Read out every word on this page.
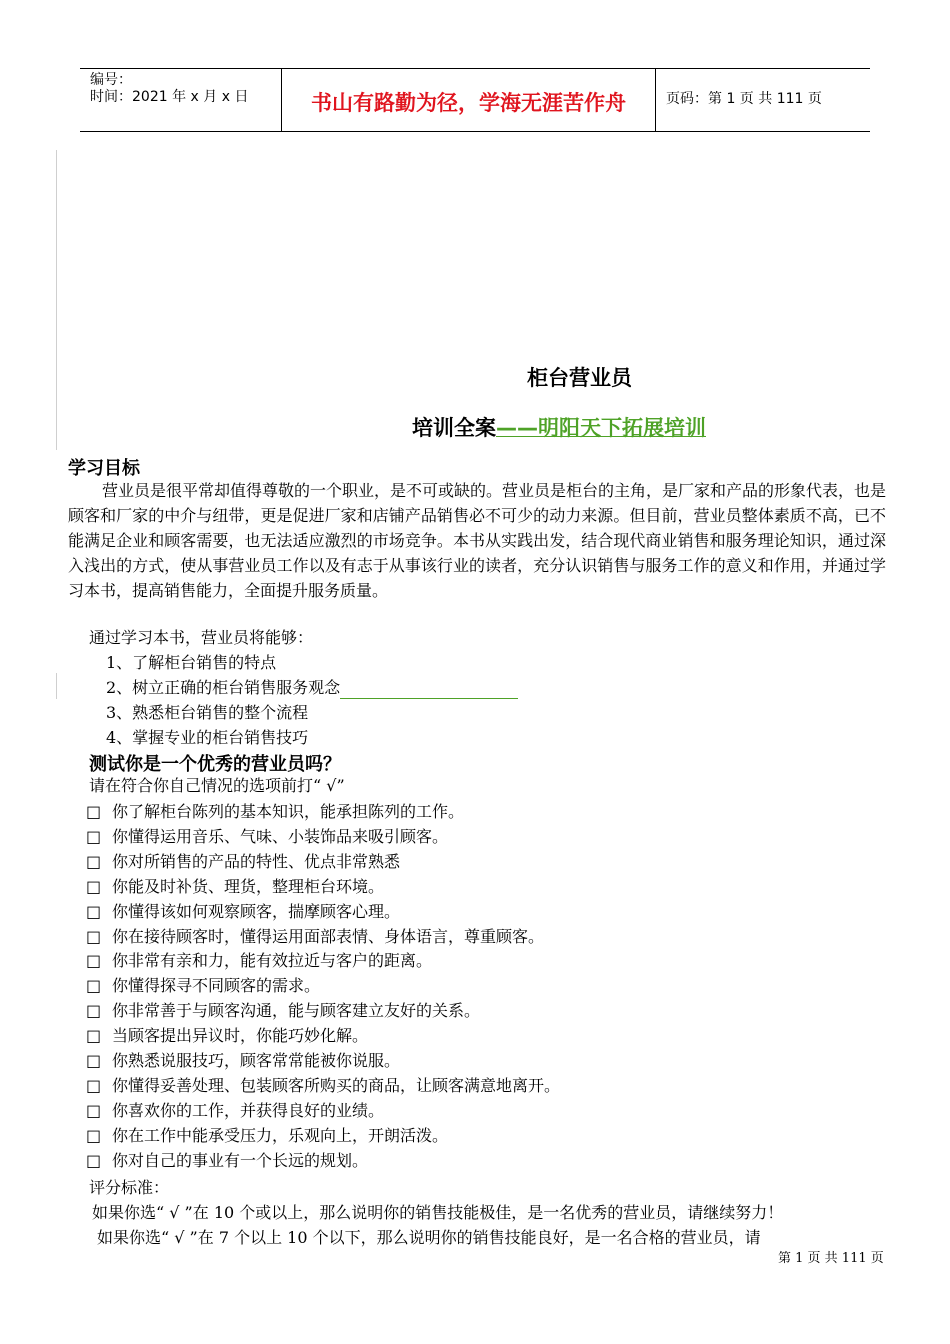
编号：
时间：2021 年 x 月 x 日	书山有路勤为径，学海无涯苦作舟	页码：第 1 页 共 111 页
柜台营业员
培训全案——明阳天下拓展培训
学习目标
营业员是很平常却值得尊敬的一个职业，是不可或缺的。营业员是柜台的主角，是厂家和产品的形象代表，也是顾客和厂家的中介与纽带，更是促进厂家和店铺产品销售必不可少的动力来源。但目前，营业员整体素质不高，已不能满足企业和顾客需要，也无法适应激烈的市场竞争。本书从实践出发，结合现代商业销售和服务理论知识，通过深入浅出的方式，使从事营业员工作以及有志于从事该行业的读者，充分认识销售与服务工作的意义和作用，并通过学习本书，提高销售能力，全面提升服务质量。
通过学习本书，营业员将能够：
1、了解柜台销售的特点
2、树立正确的柜台销售服务观念
3、熟悉柜台销售的整个流程
4、掌握专业的柜台销售技巧
测试你是一个优秀的营业员吗？
请在符合你自己情况的选项前打“ √”
□ 你了解柜台陈列的基本知识，能承担陈列的工作。
□ 你懂得运用音乐、气味、小装饰品来吸引顾客。
□ 你对所销售的产品的特性、优点非常熟悉
□ 你能及时补货、理货，整理柜台环境。
□ 你懂得该如何观察顾客，揣摩顾客心理。
□ 你在接待顾客时，懂得运用面部表情、身体语言，尊重顾客。
□ 你非常有亲和力，能有效拉近与客户的距离。
□ 你懂得探寻不同顾客的需求。
□ 你非常善于与顾客沟通，能与顾客建立友好的关系。
□ 当顾客提出异议时，你能巧妙化解。
□ 你熟悉说服技巧，顾客常常能被你说服。
□ 你懂得妥善处理、包装顾客所购买的商品，让顾客满意地离开。
□ 你喜欢你的工作，并获得良好的业绩。
□ 你在工作中能承受压力，乐观向上，开朗活泼。
□ 你对自己的事业有一个长远的规划。
评分标准：
如果你选“ √ ”在 10 个或以上，那么说明你的销售技能极佳，是一名优秀的营业员，请继续努力！
如果你选“ √ ”在 7 个以上 10 个以下，那么说明你的销售技能良好，是一名合格的营业员，请
第 1 页 共 111 页
